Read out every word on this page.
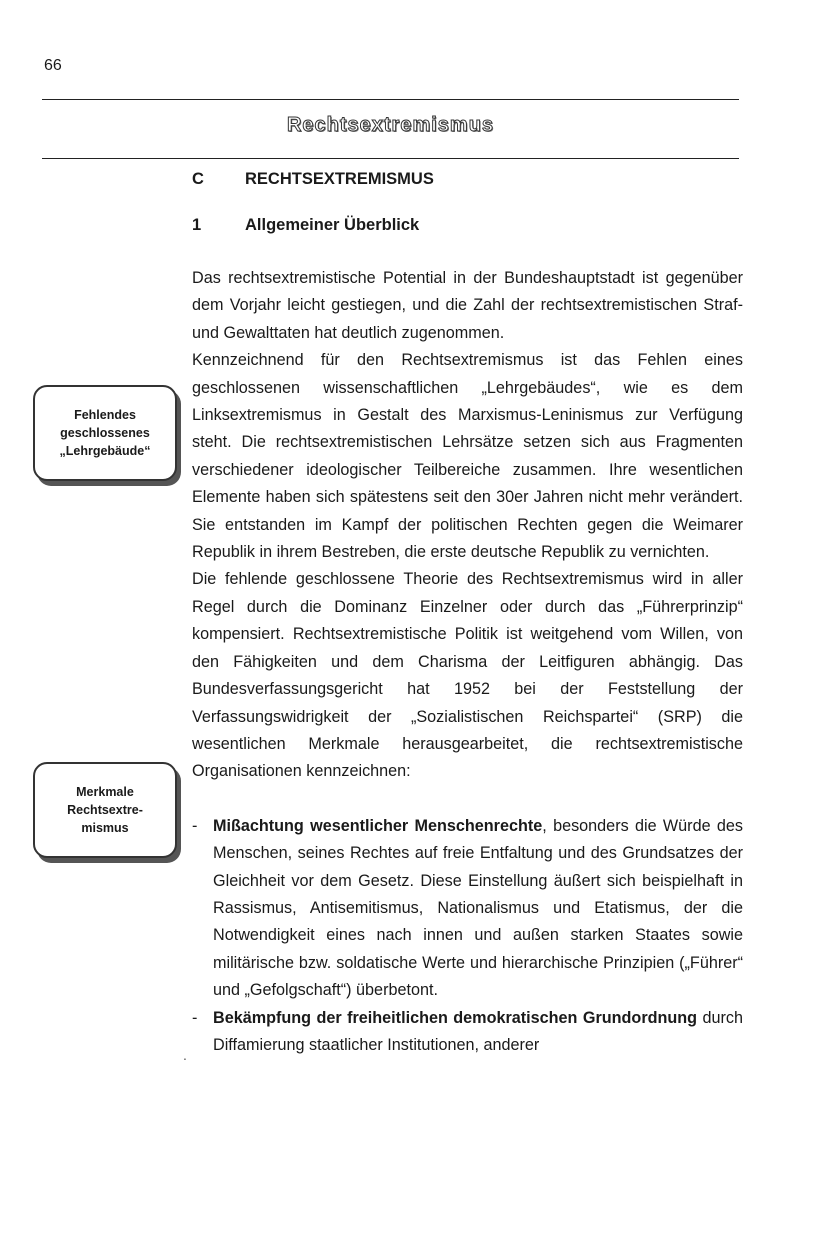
66
Rechtsextremismus
C RECHTSEXTREMISMUS
1	Allgemeiner Überblick
Fehlendes
geschlossenes
„Lehrgebäude“
Merkmale
Rechtsextre-
mismus

Das rechtsextremistische Potential in der Bundeshauptstadt ist gegenüber dem Vorjahr leicht gestiegen, und die Zahl der rechtsextremistischen Straf- und Gewalttaten hat deutlich zugenommen.

Kennzeichnend für den Rechtsextremismus ist das Fehlen eines geschlossenen wissenschaftlichen „Lehrgebäudes“, wie es dem Linksextremismus in Gestalt des Marxismus-Leninismus zur Verfügung steht. Die rechtsextremistischen Lehrsätze setzen sich aus Fragmenten verschiedener ideologischer Teilbereiche zusammen. Ihre wesentlichen Elemente haben sich spätestens seit den 30er Jahren nicht mehr verändert. Sie entstanden im Kampf der politischen Rechten gegen die Weimarer Republik in ihrem Bestreben, die erste deutsche Republik zu vernichten.

Die fehlende geschlossene Theorie des Rechtsextremismus wird in aller Regel durch die Dominanz Einzelner oder durch das „Führerprinzip“ kompensiert. Rechtsextremistische Politik ist weitgehend vom Willen, von den Fähigkeiten und dem Charisma der Leitfiguren abhängig. Das Bundesverfassungsgericht hat 1952 bei der Feststellung der Verfassungswidrigkeit der „Sozialistischen Reichspartei“ (SRP) die wesentlichen Merkmale herausgearbeitet, die rechtsextremistische Organisationen kennzeichnen:

- Mißachtung wesentlicher Menschenrechte, besonders die Würde des Menschen, seines Rechtes auf freie Entfaltung und des Grundsatzes der Gleichheit vor dem Gesetz. Diese Einstellung äußert sich beispielhaft in Rassismus, Antisemitismus, Nationalismus und Etatismus, der die Notwendigkeit eines nach innen und außen starken Staates sowie militärische bzw. soldatische Werte und hierarchische Prinzipien („Führer“ und „Gefolgschaft“) überbetont.
- Bekämpfung der freiheitlichen demokratischen Grundordnung durch Diffamierung staatlicher Institutionen, anderer
.
